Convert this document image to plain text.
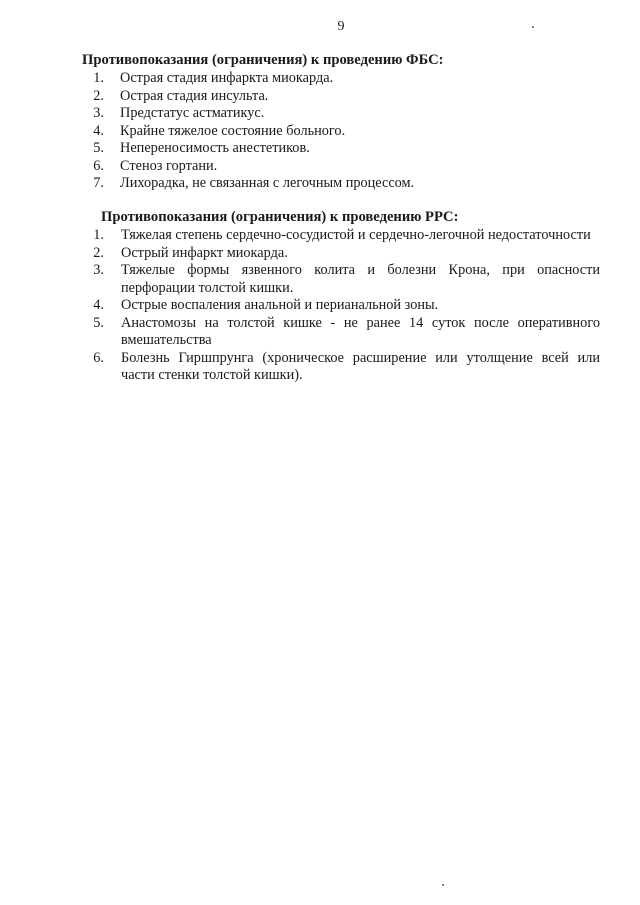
9
Противопоказания (ограничения) к проведению ФБС:
1. Острая стадия инфаркта миокарда.
2. Острая стадия инсульта.
3. Предстатус астматикус.
4. Крайне тяжелое состояние больного.
5. Непереносимость анестетиков.
6. Стеноз гортани.
7. Лихорадка, не связанная с легочным процессом.
Противопоказания (ограничения) к проведению РРС:
1. Тяжелая степень сердечно-сосудистой и сердечно-легочной недостаточности
2. Острый инфаркт миокарда.
3. Тяжелые формы язвенного колита и болезни Крона, при опасности перфорации толстой кишки.
4. Острые воспаления анальной и перианальной зоны.
5. Анастомозы на толстой кишке - не ранее 14 суток после оперативного вмешательства
6. Болезнь Гиршпрунга (хроническое расширение или утолщение всей или части стенки толстой кишки).
